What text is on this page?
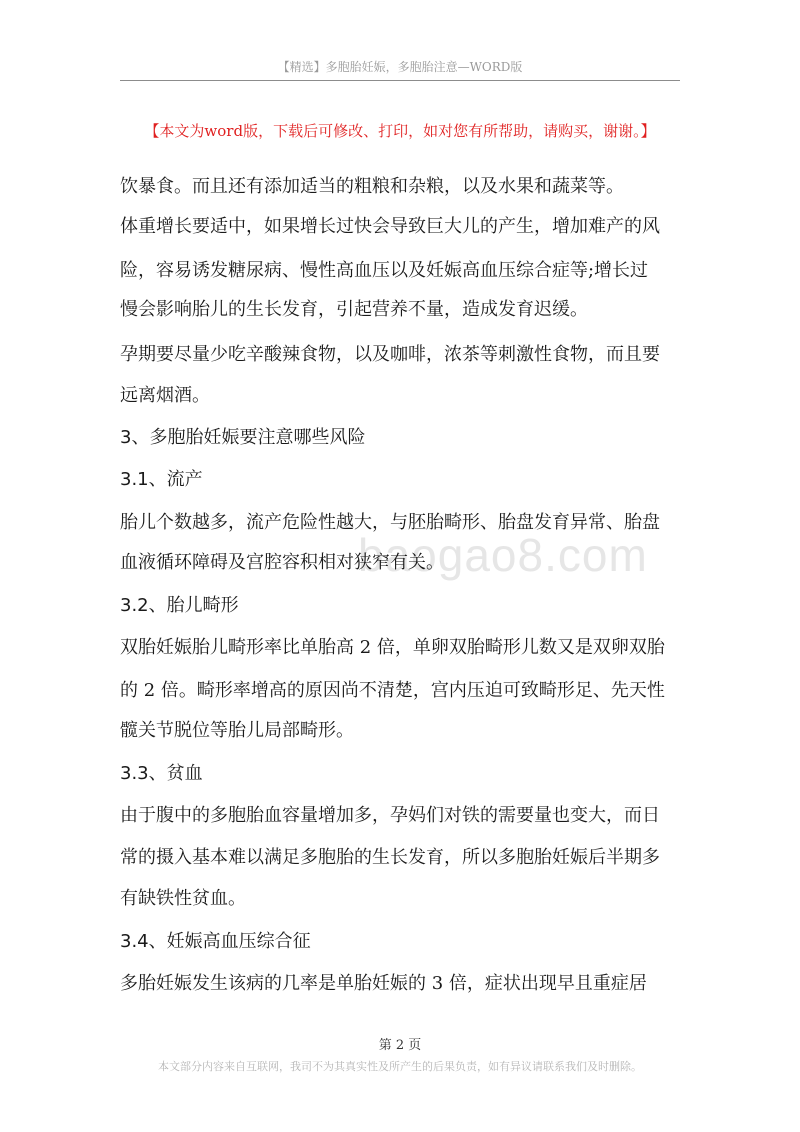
【精选】多胞胎妊娠，多胞胎注意—WORD版
【本文为word版，下载后可修改、打印，如对您有所帮助，请购买，谢谢。】
baogao8.com
饮暴食。而且还有添加适当的粗粮和杂粮，以及水果和蔬菜等。
体重增长要适中，如果增长过快会导致巨大儿的产生，增加难产的风
险，容易诱发糖尿病、慢性高血压以及妊娠高血压综合症等;增长过
慢会影响胎儿的生长发育，引起营养不量，造成发育迟缓。
孕期要尽量少吃辛酸辣食物，以及咖啡，浓茶等刺激性食物，而且要
远离烟酒。
3、多胞胎妊娠要注意哪些风险
3.1、流产
胎儿个数越多，流产危险性越大，与胚胎畸形、胎盘发育异常、胎盘
血液循环障碍及宫腔容积相对狭窄有关。
3.2、胎儿畸形
双胎妊娠胎儿畸形率比单胎高 2 倍，单卵双胎畸形儿数又是双卵双胎
的 2 倍。畸形率增高的原因尚不清楚，宫内压迫可致畸形足、先天性
髋关节脱位等胎儿局部畸形。
3.3、贫血
由于腹中的多胞胎血容量增加多，孕妈们对铁的需要量也变大，而日
常的摄入基本难以满足多胞胎的生长发育，所以多胞胎妊娠后半期多
有缺铁性贫血。
3.4、妊娠高血压综合征
多胎妊娠发生该病的几率是单胎妊娠的 3 倍，症状出现早且重症居
第 2 页
本文部分内容来自互联网，我司不为其真实性及所产生的后果负责，如有异议请联系我们及时删除。
